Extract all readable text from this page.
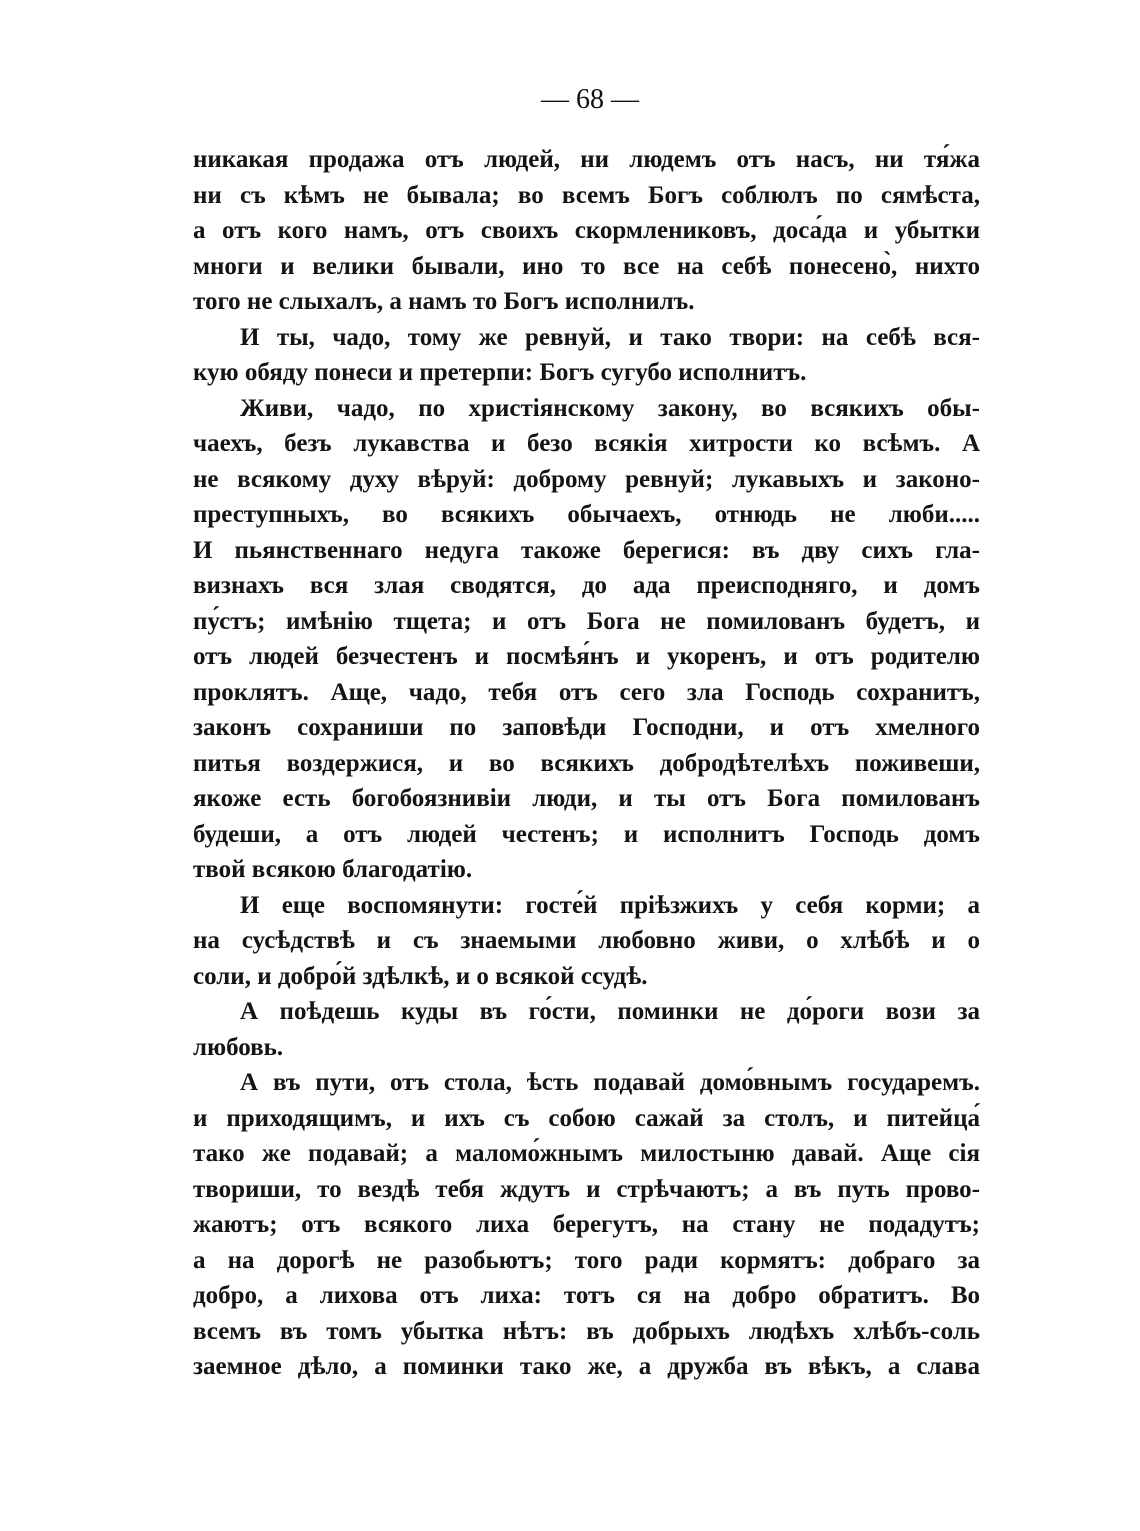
— 68 —
никакая продажа отъ людей, ни людемъ отъ насъ, ни тя́жа
ни съ кѣмъ не бывала; во всемъ Богъ соблюлъ по сямѣста,
а отъ кого намъ, отъ своихъ скормлениковъ, доса́да и убытки
многи и велики бывали, ино то все на себѣ понесено̀, нихто
того не слыхалъ, а намъ то Богъ исполнилъ.
И ты, чадо, тому же ревнуй, и тако твори: на себѣ вся-
кую обяду понеси и претерпи: Богъ сугубо исполнитъ.
Живи, чадо, по христіянскому закону, во всякихъ обы-
чаехъ, безъ лукавства и безо всякія хитрости ко всѣмъ. А
не всякому духу вѣруй: доброму ревнуй; лукавыхъ и законо-
преступныхъ, во всякихъ обычаехъ, отнюдь не люби.....
И пьянственнаго недуга такоже берегися: въ дву сихъ гла-
визнахъ вся злая сводятся, до ада преисподняго, и домъ
пу́стъ; имѣнію тщета; и отъ Бога не помилованъ будетъ, и
отъ людей безчестенъ и посмѣя́нъ и укоренъ, и отъ родителю
проклятъ. Аще, чадо, тебя отъ сего зла Господь сохранитъ,
законъ сохраниши по заповѣди Господни, и отъ хмелного
питья воздержися, и во всякихъ добродѣтелѣхъ поживеши,
якоже есть богобоязнивіи люди, и ты отъ Бога помилованъ
будеши, а отъ людей честенъ; и исполнитъ Господь домъ
твой всякою благодатію.
И еще воспомянути: госте́й пріѣзжихъ у себя корми; а
на сусѣдствѣ и съ знаемыми любовно живи, о хлѣбѣ и о
соли, и добро́й здѣлкѣ, и о всякой ссудѣ.
А поѣдешь куды въ го́сти, поминки не до́роги вози за
любовь.
А въ пути, отъ стола, ѣсть подавай домо́внымъ государемъ.
и приходящимъ, и ихъ съ собою сажай за столъ, и питейца́
тако же подавай; а маломо́жнымъ милостыню давай. Аще сія
твориши, то вездѣ тебя ждутъ и стрѣчаютъ; а въ путь прово-
жаютъ; отъ всякого лиха берегутъ, на стану не подадутъ;
а на дорогѣ не разобьютъ; того ради кормятъ: добраго за
добро, а лихова отъ лиха: тотъ ся на добро обратитъ. Во
всемъ въ томъ убытка нѣтъ: въ добрыхъ людѣхъ хлѣбъ-соль
заемное дѣло, а поминки тако же, а дружба въ вѣкъ, а слава
